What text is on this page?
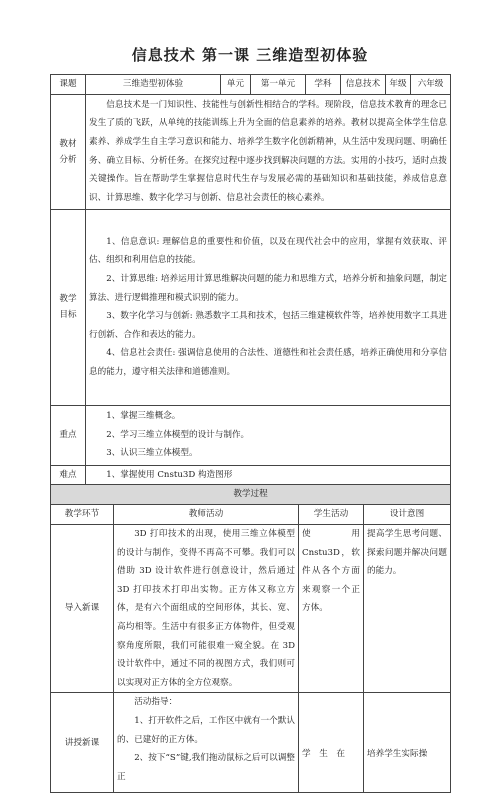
信息技术 第一课 三维造型初体验
课题	三维造型初体验	单元	第一单元	学科	信息技术	年级	六年级

教材分析	信息技术是一门知识性、技能性与创新性相结合的学科。现阶段，信息技术教育的理念已发生了质的飞跃，从单纯的技能训练上升为全面的信息素养的培养。教材以提高全体学生信息素养、养成学生自主学习意识和能力、培养学生数字化创新精神，从生活中发现问题、明确任务、确立目标、分析任务。在探究过程中逐步找到解决问题的方法。实用的小技巧，适时点拨关键操作。旨在帮助学生掌握信息时代生存与发展必需的基础知识和基础技能，养成信息意识、计算思维、数字化学习与创新、信息社会责任的核心素养。						

教学目标	1、信息意识: 理解信息的重要性和价值，以及在现代社会中的应用，掌握有效获取、评估、组织和利用信息的技能。

2、计算思维: 培养运用计算思维解决问题的能力和思维方式，培养分析和抽象问题，制定算法、进行逻辑推理和模式识别的能力。

3、数字化学习与创新: 熟悉数字工具和技术，包括三维建模软件等，培养使用数字工具进行创新、合作和表达的能力。

4、信息社会责任: 强调信息使用的合法性、道德性和社会责任感，培养正确使用和分享信息的能力，遵守相关法律和道德准则。						

重点	1、掌握三维概念。

2、学习三维立体模型的设计与制作。

3、认识三维立体模型。						

难点	1、掌握使用 Cnstu3D 构造图形						

教学过程			
教学环节	教师活动	学生活动	设计意图
导入新课	3D 打印技术的出现，使用三维立体模型的设计与制作，变得不再高不可攀。我们可以借助 3D 设计软件进行创意设计，然后通过 3D 打印技术打印出实物。正方体又称立方体，是有六个面组成的空间形体，其长、宽、高均相等。生活中有很多正方体物件，但受观察角度所限，我们可能很难一窥全貌。在 3D 设计软件中，通过不同的视图方式，我们则可以实现对正方体的全方位观察。	使用 Cnstu3D，软件从各个方面来观察一个正方体。	提高学生思考问题、探索问题并解决问题的能力。
讲授新课	活动指导：

1、打开软件之后，工作区中就有一个默认的、已建好的正方体。

2、按下“S”键,我们拖动鼠标之后可以调整正	学　生　在	培养学生实际操
